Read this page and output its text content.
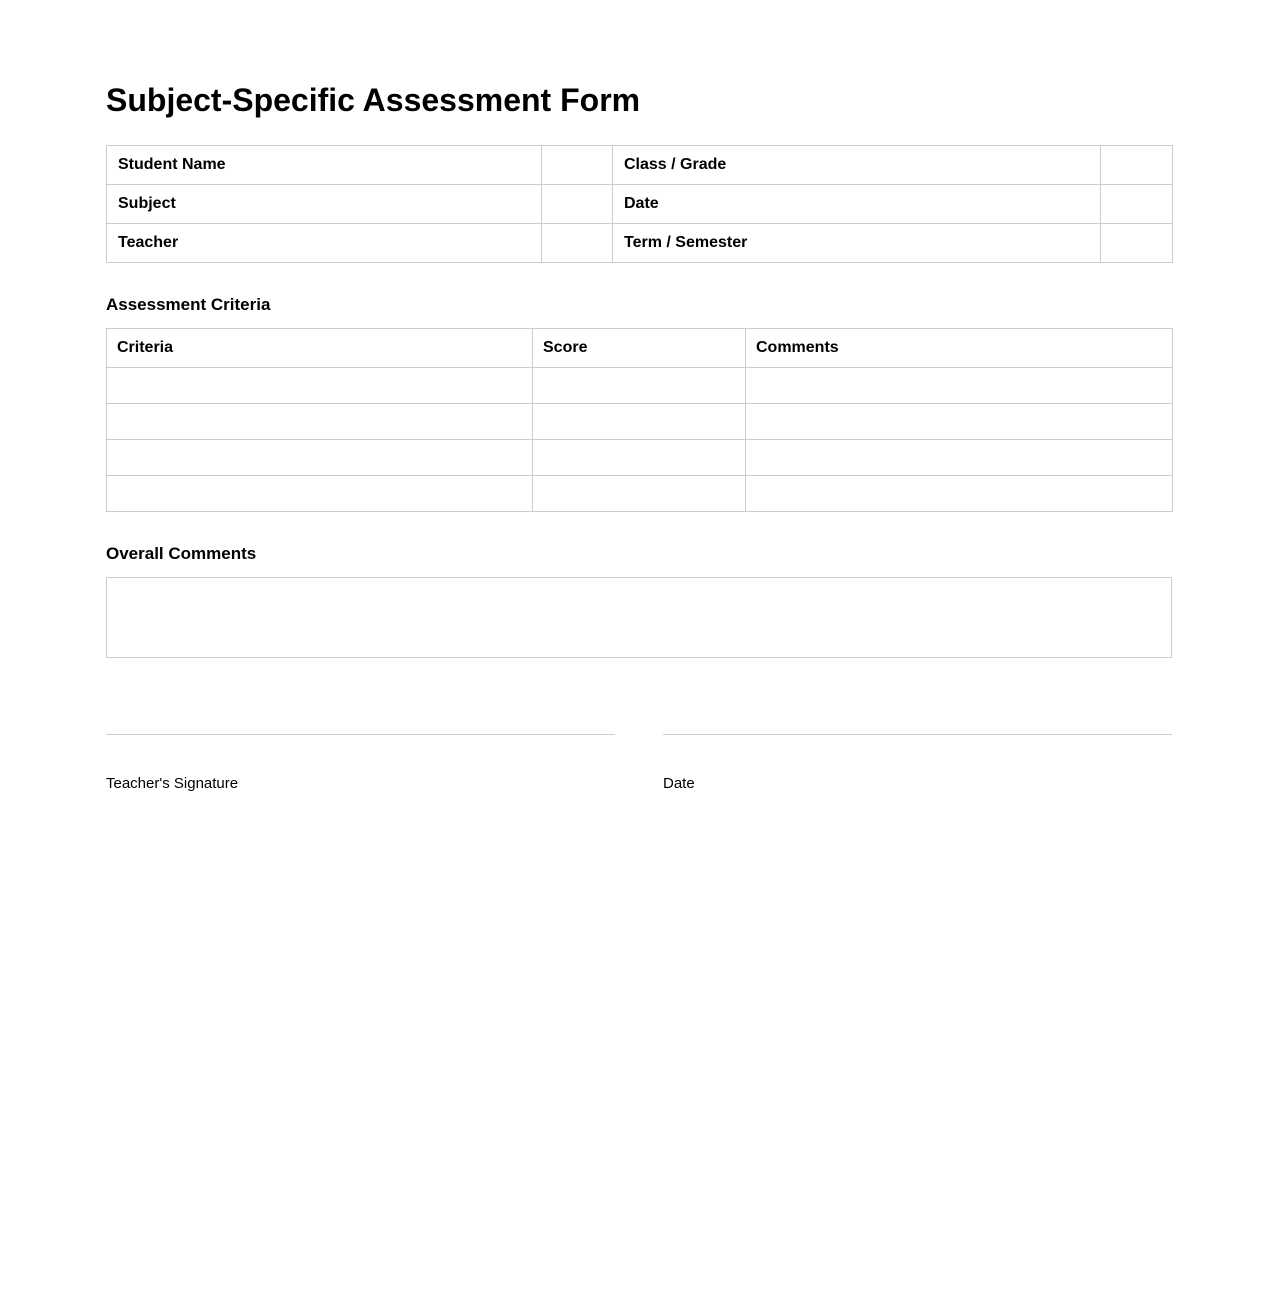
Subject-Specific Assessment Form
Student Name		Class / Grade	
Subject		Date	
Teacher		Term / Semester	
Assessment Criteria
Criteria	Score	Comments

Overall Comments
Teacher's Signature	Date
